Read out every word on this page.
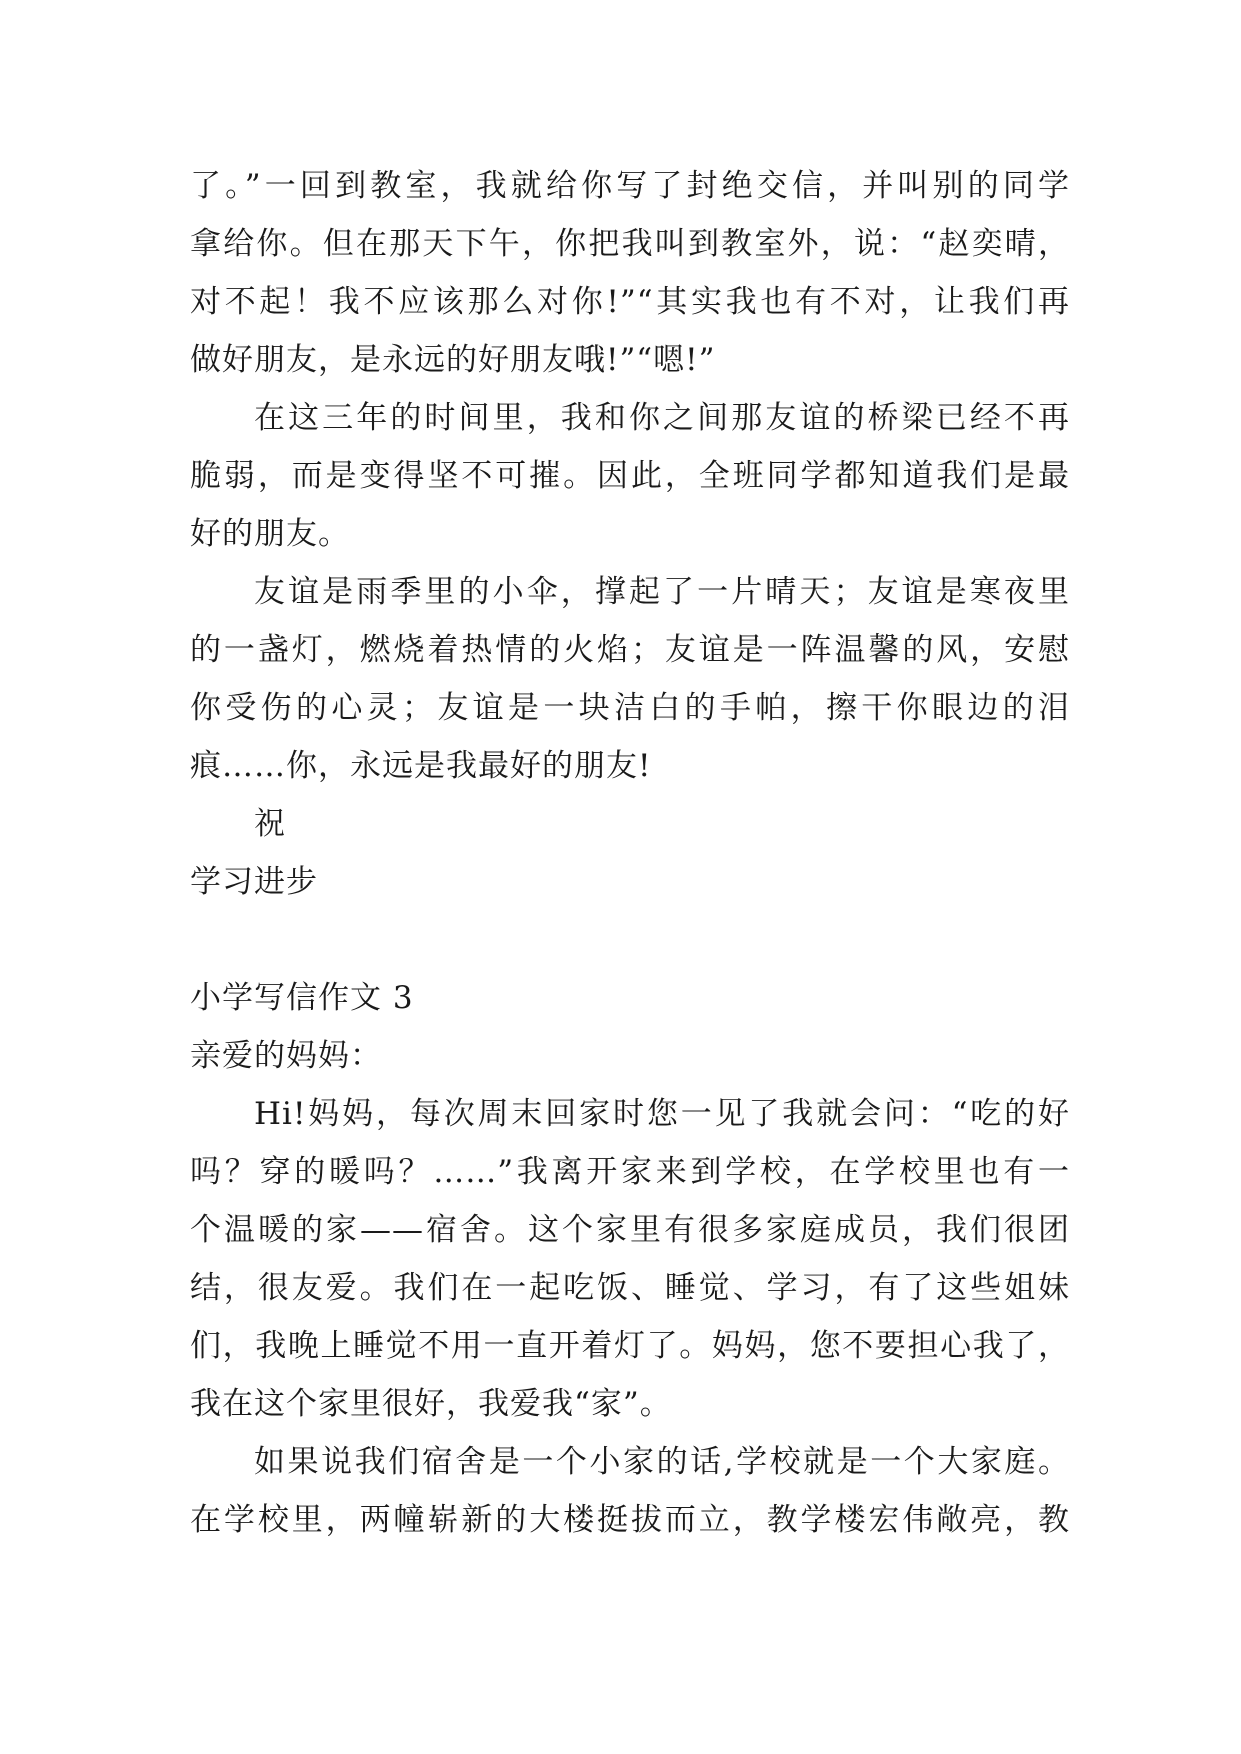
了。”一回到教室，我就给你写了封绝交信，并叫别的同学
拿给你。但在那天下午，你把我叫到教室外，说：“赵奕晴，
对不起！我不应该那么对你!”“其实我也有不对，让我们再
做好朋友，是永远的好朋友哦!”“嗯!”
在这三年的时间里，我和你之间那友谊的桥梁已经不再
脆弱，而是变得坚不可摧。因此，全班同学都知道我们是最
好的朋友。
友谊是雨季里的小伞，撑起了一片晴天；友谊是寒夜里
的一盏灯，燃烧着热情的火焰；友谊是一阵温馨的风，安慰
你受伤的心灵；友谊是一块洁白的手帕，擦干你眼边的泪
痕……你，永远是我最好的朋友!
祝
学习进步
小学写信作文 3
亲爱的妈妈：
Hi!妈妈，每次周末回家时您一见了我就会问：“吃的好
吗？穿的暖吗？……”我离开家来到学校，在学校里也有一
个温暖的家——宿舍。这个家里有很多家庭成员，我们很团
结，很友爱。我们在一起吃饭、睡觉、学习，有了这些姐妹
们，我晚上睡觉不用一直开着灯了。妈妈，您不要担心我了，
我在这个家里很好，我爱我“家”。
如果说我们宿舍是一个小家的话,学校就是一个大家庭。
在学校里，两幢崭新的大楼挺拔而立，教学楼宏伟敞亮，教
